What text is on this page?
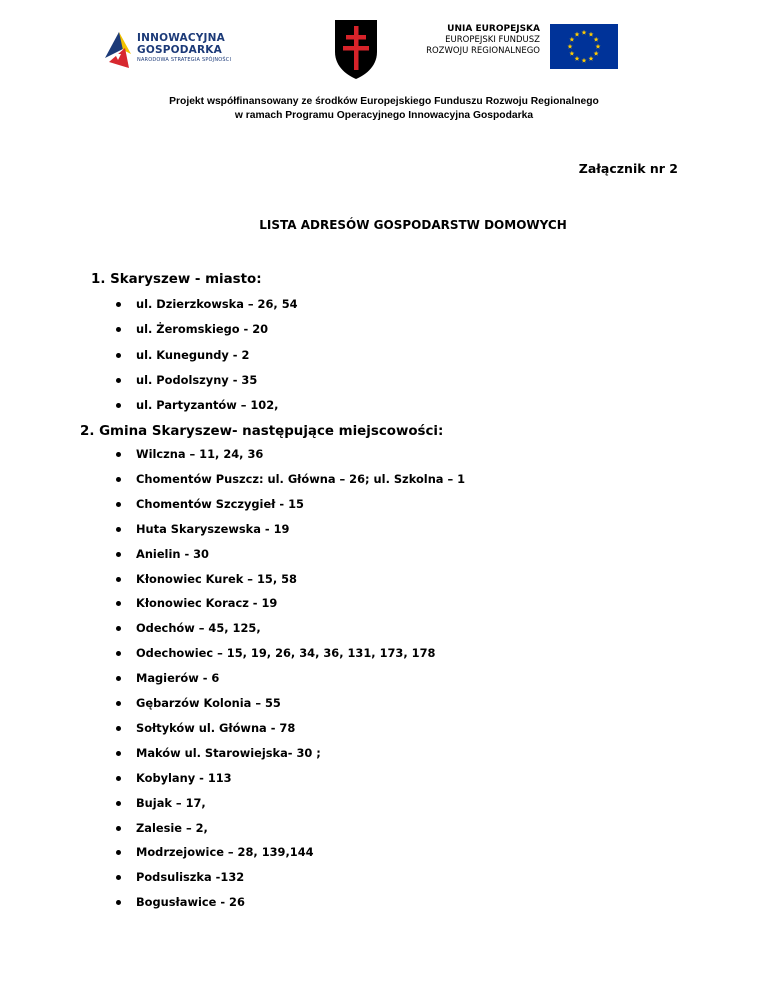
INNOWACYJNA
GOSPODARKA
NARODOWA STRATEGIA SPÓJNOŚCI
UNIA EUROPEJSKA
EUROPEJSKI FUNDUSZ
ROZWOJU REGIONALNEGO
Projekt współfinansowany ze środków Europejskiego Funduszu Rozwoju Regionalnego
w ramach Programu Operacyjnego Innowacyjna Gospodarka
Załącznik nr 2
LISTA ADRESÓW GOSPODARSTW DOMOWYCH
1. Skaryszew - miasto:
ul. Dzierzkowska – 26, 54
ul. Żeromskiego - 20
ul. Kunegundy - 2
ul. Podolszyny - 35
ul. Partyzantów – 102,
2. Gmina Skaryszew- następujące miejscowości:
Wilczna – 11, 24, 36
Chomentów Puszcz: ul. Główna – 26; ul. Szkolna – 1
Chomentów Szczygieł - 15
Huta Skaryszewska - 19
Anielin - 30
Kłonowiec Kurek – 15, 58
Kłonowiec Koracz - 19
Odechów – 45, 125,
Odechowiec – 15, 19, 26, 34, 36, 131, 173, 178
Magierów - 6
Gębarzów Kolonia – 55
Sołtyków ul. Główna - 78
Maków ul. Starowiejska- 30 ;
Kobylany - 113
Bujak – 17,
Zalesie – 2,
Modrzejowice – 28, 139,144
Podsuliszka -132
Bogusławice - 26
